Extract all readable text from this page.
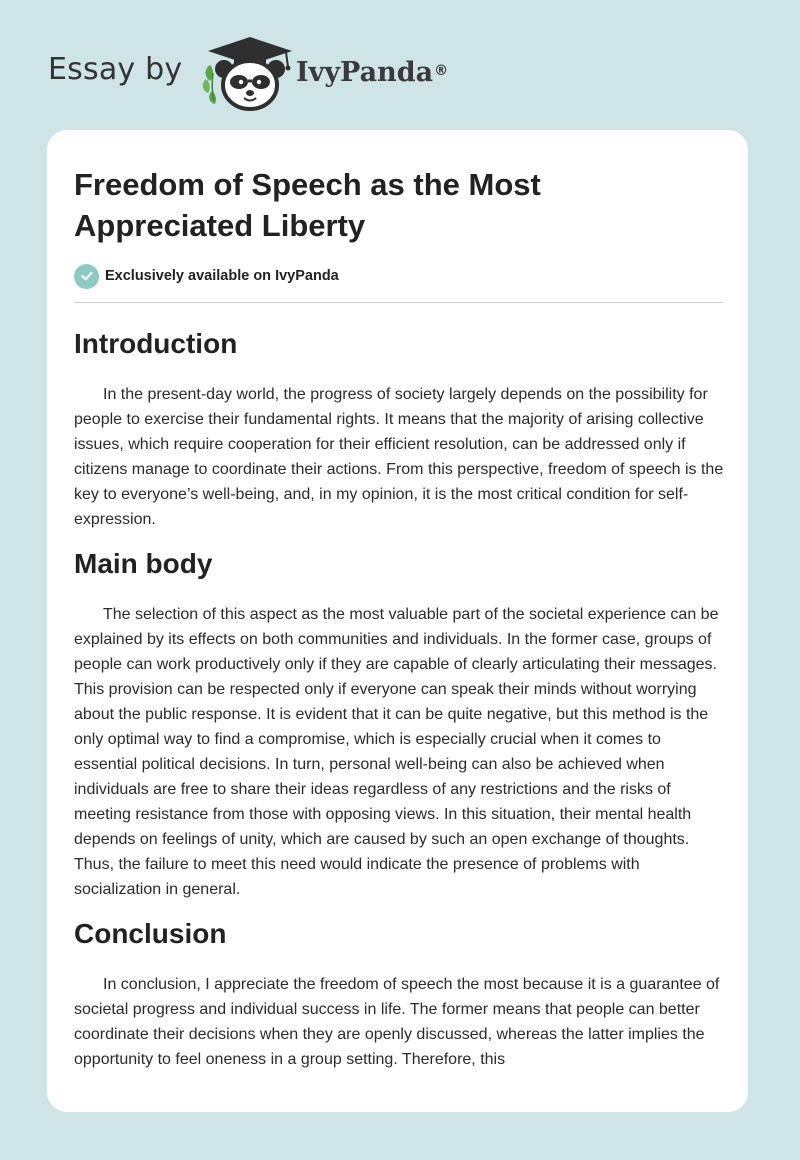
Essay by	IvyPanda®
Freedom of Speech as the Most Appreciated Liberty
Exclusively available on IvyPanda
Introduction

In the present-day world, the progress of society largely depends on the possibility for people to exercise their fundamental rights. It means that the majority of arising collective issues, which require cooperation for their efficient resolution, can be addressed only if citizens manage to coordinate their actions. From this perspective, freedom of speech is the key to everyone’s well-being, and, in my opinion, it is the most critical condition for self-expression.

Main body

The selection of this aspect as the most valuable part of the societal experience can be explained by its effects on both communities and individuals. In the former case, groups of people can work productively only if they are capable of clearly articulating their messages. This provision can be respected only if everyone can speak their minds without worrying about the public response. It is evident that it can be quite negative, but this method is the only optimal way to find a compromise, which is especially crucial when it comes to essential political decisions. In turn, personal well-being can also be achieved when individuals are free to share their ideas regardless of any restrictions and the risks of meeting resistance from those with opposing views. In this situation, their mental health depends on feelings of unity, which are caused by such an open exchange of thoughts. Thus, the failure to meet this need would indicate the presence of problems with socialization in general.

Conclusion

In conclusion, I appreciate the freedom of speech the most because it is a guarantee of societal progress and individual success in life. The former means that people can better coordinate their decisions when they are openly discussed, whereas the latter implies the opportunity to feel oneness in a group setting. Therefore, this
